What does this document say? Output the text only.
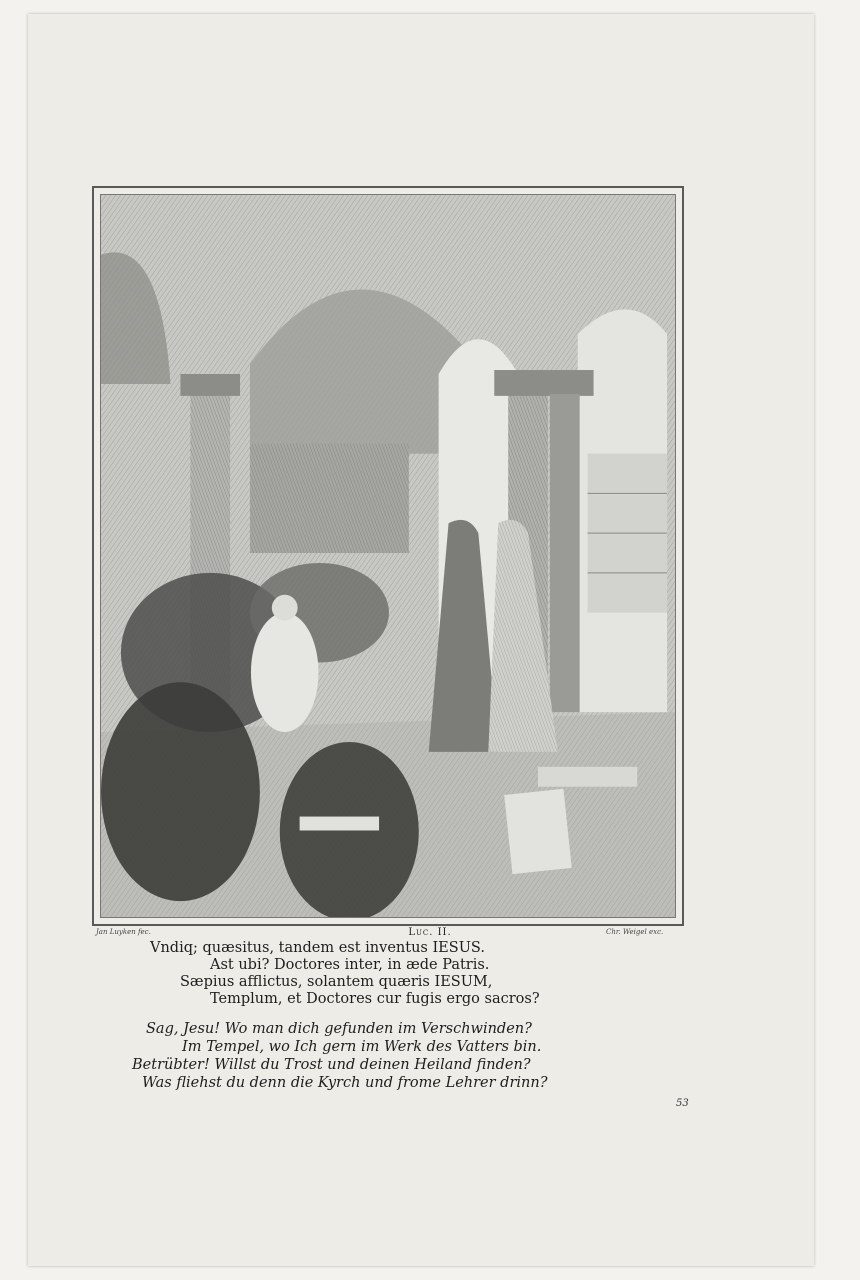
Jan Luyken fec.	Chr. Weigel exc.
Luc. II.
Vndiq; quæsitus, tandem est inventus IESUS.
Ast ubi? Doctores inter, in æde Patris.
Sæpius afflictus, solantem quæris IESUM,
Templum, et Doctores cur fugis ergo sacros?
Sag, Jesu! Wo man dich gefunden im Verschwinden?
Im Tempel, wo Ich gern im Werk des Vatters bin.
Betrübter! Willst du Trost und deinen Heiland finden?
Was fliehst du denn die Kyrch und frome Lehrer drinn?
53
